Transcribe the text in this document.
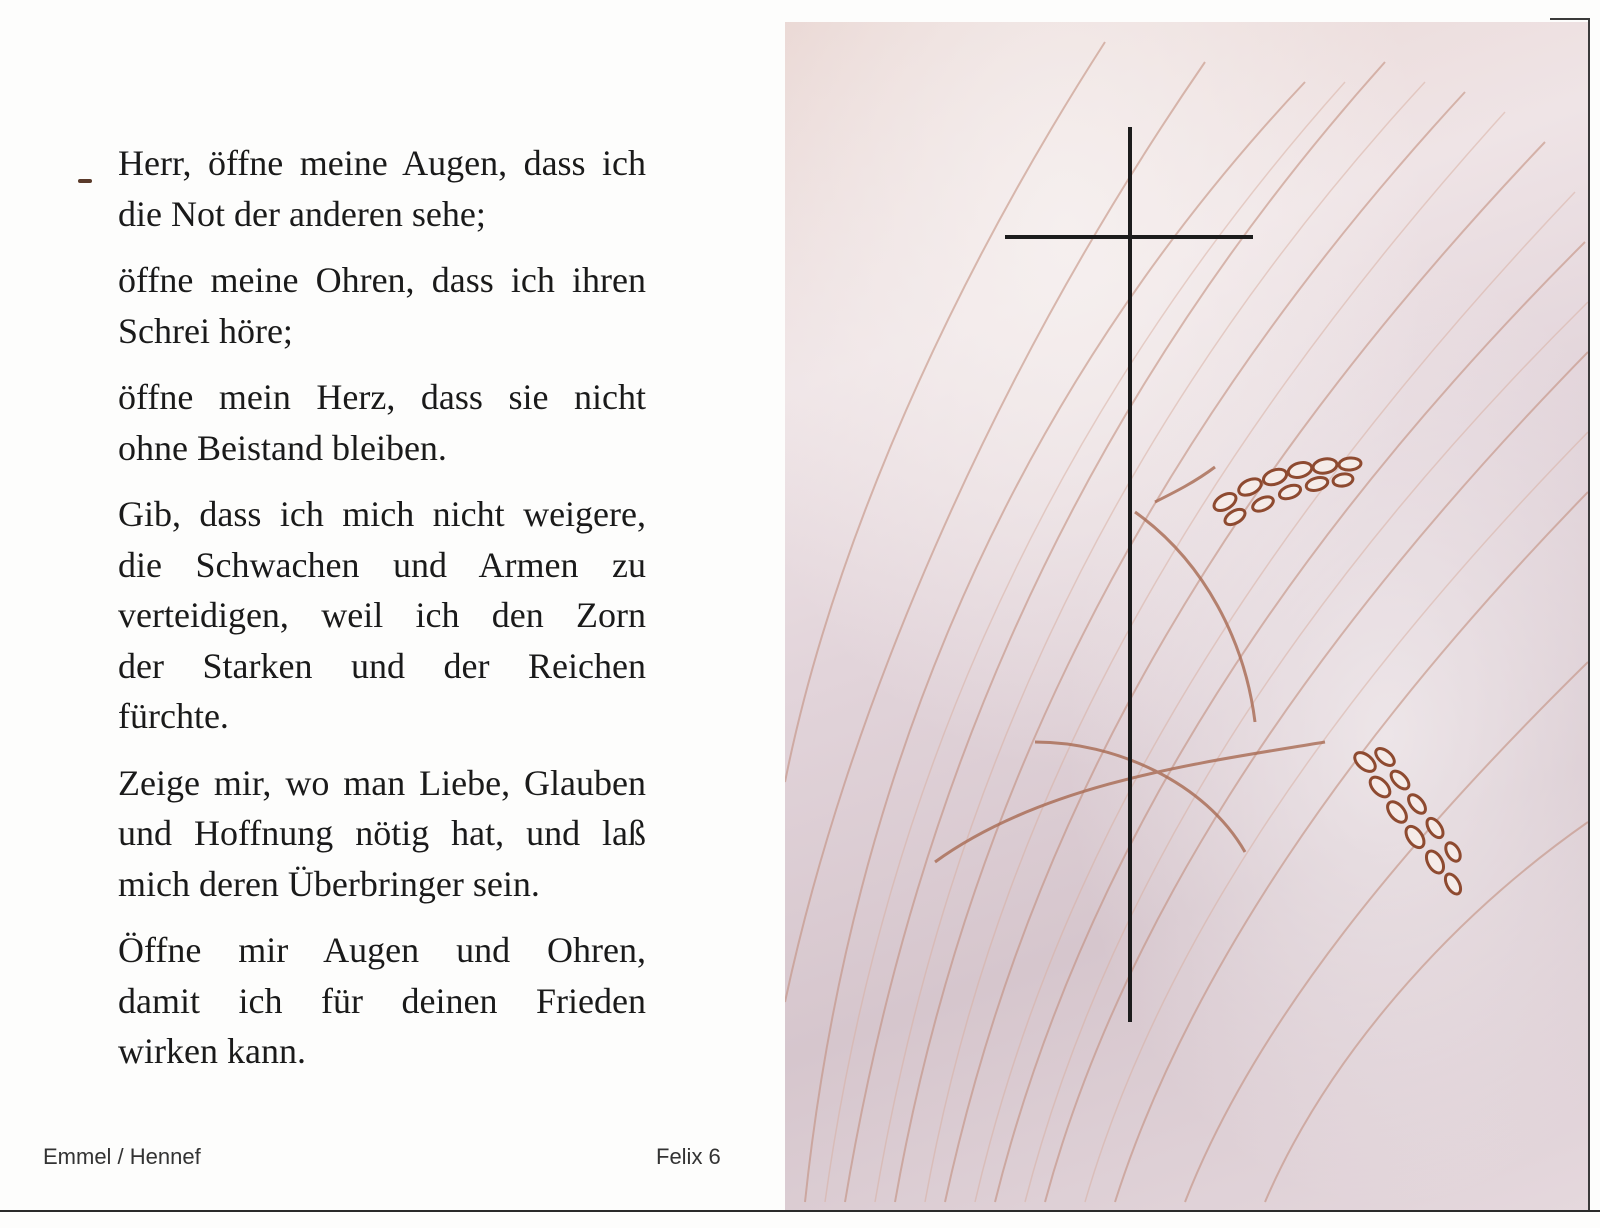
Herr, öffne meine Augen, dass ich
die Not der anderen sehe;

öffne meine Ohren, dass ich ihren
Schrei höre;

öffne mein Herz, dass sie nicht
ohne Beistand bleiben.

Gib, dass ich mich nicht weigere,
die Schwachen und Armen zu
verteidigen, weil ich den Zorn
der Starken und der Reichen
fürchte.

Zeige mir, wo man Liebe, Glauben
und Hoffnung nötig hat, und laß
mich deren Überbringer sein.

Öffne mir Augen und Ohren,
damit ich für deinen Frieden
wirken kann.

Emmel / Hennef	Felix 6
